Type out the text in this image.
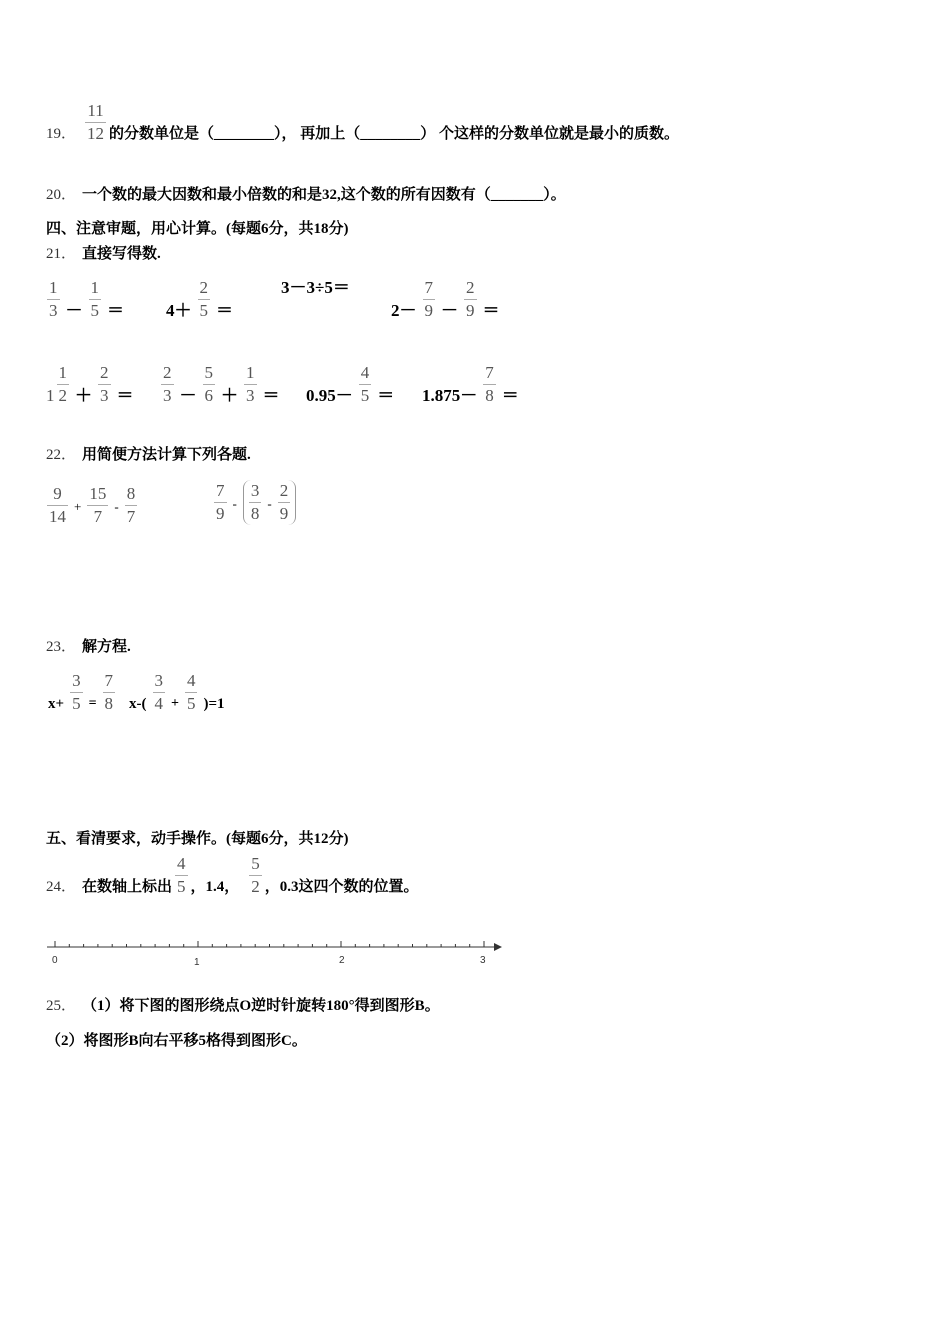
19． $\frac{11}{12}$ 的分数单位是（________）， 再加上（________） 个这样的分数单位就是最小的质数。
20． 一个数的最大因数和最小倍数的和是32,这个数的所有因数有（_______）。
四、注意审题，用心计算。(每题6分，共18分)
21． 直接写得数.
$\frac{1}{3} - \frac{1}{5} = 4+ \frac{2}{5}$ ＝
3－3÷5＝
$2- \frac{7}{9} - \frac{2}{9}$ ＝
$1 \frac{1}{2} + \frac{2}{3} = \frac{2}{3} - \frac{5}{6} + \frac{1}{3} = 0.95- \frac{4}{5} = 1.875- \frac{7}{8}$ ＝
22． 用简便方法计算下列各题.
$\frac{9}{14} + \frac{15}{7} - \frac{8}{7}$	$\frac{7}{9} - \frac{3}{8} - \frac{2}{9}$
23． 解方程.
$x+ \frac{3}{5} = \frac{7}{8} x-( \frac{3}{4} + \frac{4}{5} )=1$
五、看清要求，动手操作。(每题6分，共12分)
24． 在数轴上标出 $\frac{4}{5}$ ，1.4， $\frac{5}{2}$ ，0.3这四个数的位置。
0	1	2	3
25． （1）将下图的图形绕点O逆时针旋转180°得到图形B。
（2）将图形B向右平移5格得到图形C。
